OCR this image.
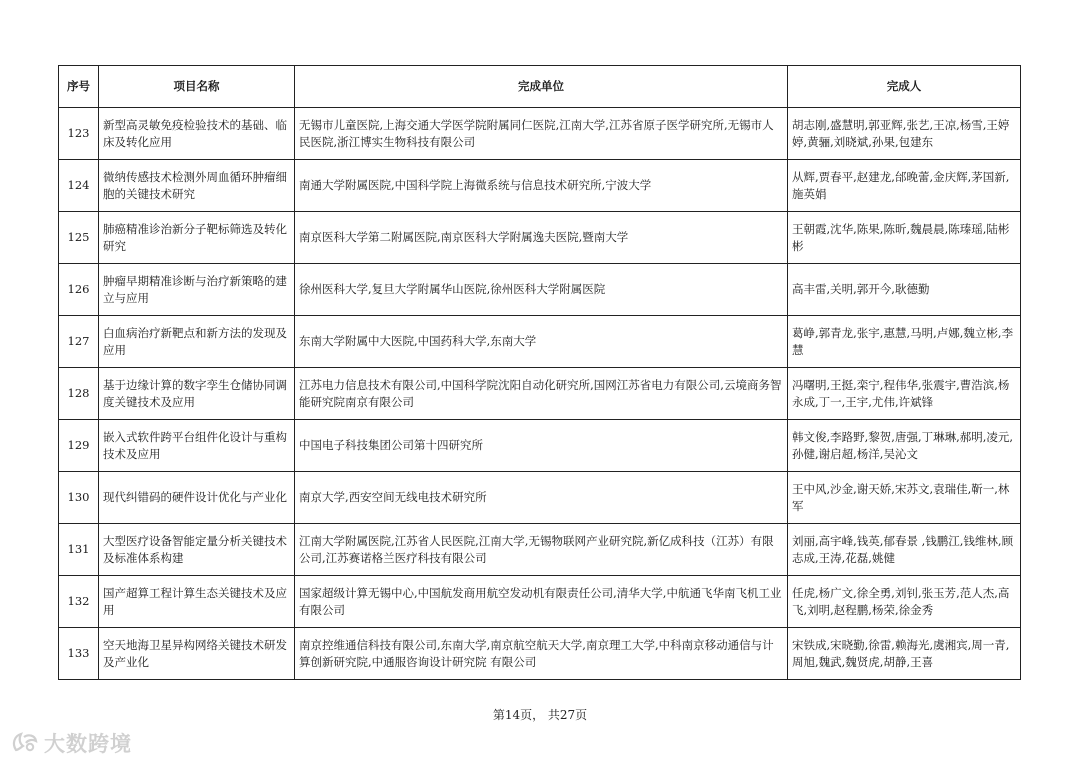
序号	项目名称	完成单位	完成人
123	新型高灵敏免疫检验技术的基础、临床及转化应用	无锡市儿童医院,上海交通大学医学院附属同仁医院,江南大学,江苏省原子医学研究所,无锡市人民医院,浙江博实生物科技有限公司	胡志刚,盛慧明,郭亚辉,张艺,王凉,杨雪,王婷婷,黄骊,刘晓斌,孙果,包建东
124	微纳传感技术检测外周血循环肿瘤细胞的关键技术研究	南通大学附属医院,中国科学院上海微系统与信息技术研究所,宁波大学	从辉,贾春平,赵建龙,邰晚蕾,金庆辉,茅国新,施英娟
125	肺癌精准诊治新分子靶标筛选及转化研究	南京医科大学第二附属医院,南京医科大学附属逸夫医院,暨南大学	王朝霞,沈华,陈果,陈昕,魏晨晨,陈瑧瑶,陆彬彬
126	肿瘤早期精准诊断与治疗新策略的建立与应用	徐州医科大学,复旦大学附属华山医院,徐州医科大学附属医院	高丰雷,关明,郭开今,耿德勤
127	白血病治疗新靶点和新方法的发现及应用	东南大学附属中大医院,中国药科大学,东南大学	葛峥,郭青龙,张宇,惠慧,马明,卢娜,魏立彬,李慧
128	基于边缘计算的数字孪生仓储协同调度关键技术及应用	江苏电力信息技术有限公司,中国科学院沈阳自动化研究所,国网江苏省电力有限公司,云境商务智能研究院南京有限公司	冯曙明,王挺,栾宁,程伟华,张震宇,曹浩滨,杨永成,丁一,王宇,尤伟,许斌锋
129	嵌入式软件跨平台组件化设计与重构技术及应用	中国电子科技集团公司第十四研究所	韩文俊,李路野,黎贺,唐强,丁琳琳,郝明,凌元,孙健,谢启超,杨洋,吴沁文
130	现代纠错码的硬件设计优化与产业化	南京大学,西安空间无线电技术研究所	王中风,沙金,谢天娇,宋苏文,袁瑞佳,靳一,林军
131	大型医疗设备智能定量分析关键技术及标准体系构建	江南大学附属医院,江苏省人民医院,江南大学,无锡物联网产业研究院,新亿成科技（江苏）有限公司,江苏赛诺格兰医疗科技有限公司	刘丽,高宇峰,钱英,郁春景 ,钱鹏江,钱维林,顾志成,王涛,花磊,姚健
132	国产超算工程计算生态关键技术及应用	国家超级计算无锡中心,中国航发商用航空发动机有限责任公司,清华大学,中航通飞华南飞机工业有限公司	任虎,杨广文,徐全勇,刘钊,张玉芳,范人杰,高飞,刘明,赵程鹏,杨荣,徐金秀
133	空天地海卫星异构网络关键技术研发及产业化	南京控维通信科技有限公司,东南大学,南京航空航天大学,南京理工大学,中科南京移动通信与计算创新研究院,中通服咨询设计研究院 有限公司	宋铁成,宋晓勤,徐雷,赖海光,虞湘宾,周一青,周旭,魏武,魏贤虎,胡静,王喜
第14页， 共27页
大数跨境
